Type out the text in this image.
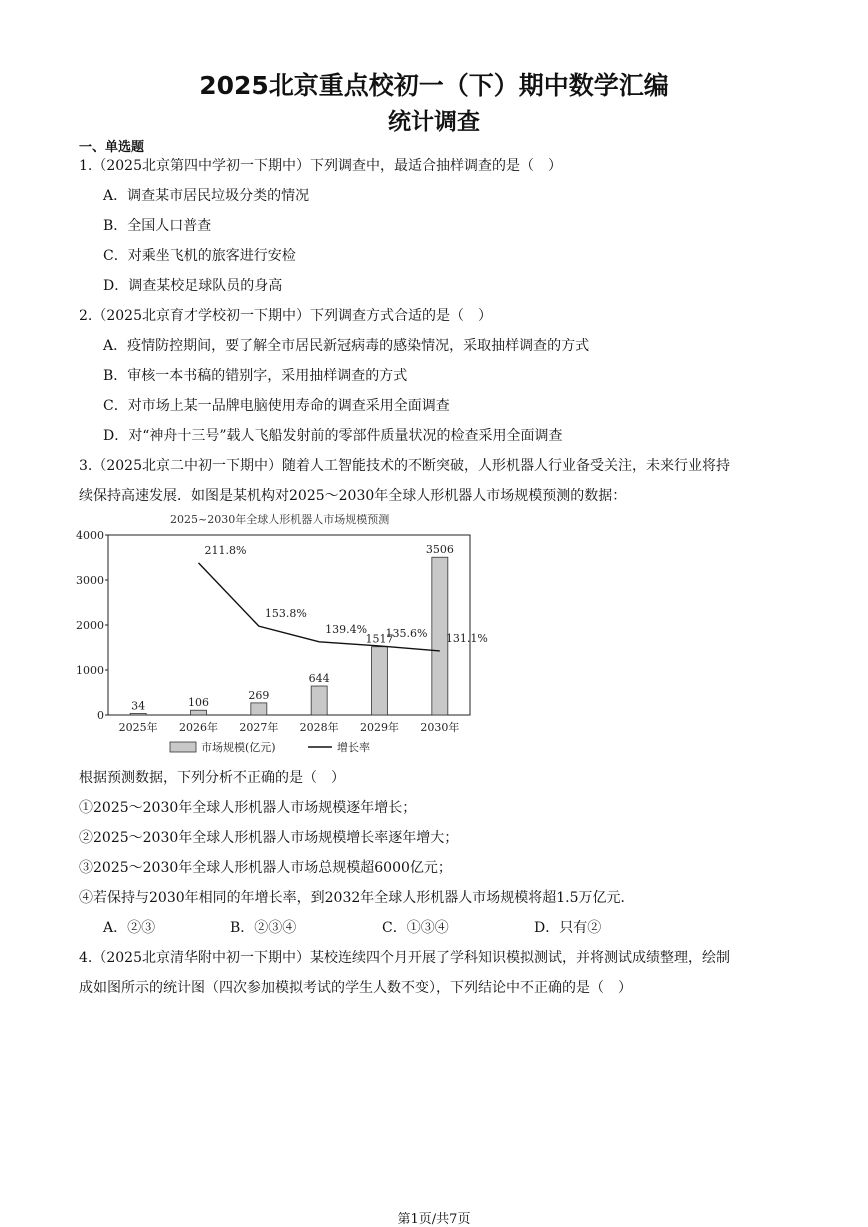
2025北京重点校初一（下）期中数学汇编
统计调查
一、单选题
1.（2025北京第四中学初一下期中）下列调查中，最适合抽样调查的是（　）
A．调查某市居民垃圾分类的情况
B．全国人口普查
C．对乘坐飞机的旅客进行安检
D．调查某校足球队员的身高
2.（2025北京育才学校初一下期中）下列调查方式合适的是（　）
A．疫情防控期间，要了解全市居民新冠病毒的感染情况，采取抽样调查的方式
B．审核一本书稿的错别字，采用抽样调查的方式
C．对市场上某一品牌电脑使用寿命的调查采用全面调查
D．对“神舟十三号”载人飞船发射前的零部件质量状况的检查采用全面调查
3.（2025北京二中初一下期中）随着人工智能技术的不断突破，人形机器人行业备受关注，未来行业将持
续保持高速发展．如图是某机构对2025～2030年全球人形机器人市场规模预测的数据：
2025~2030年全球人形机器人市场规模预测
0
1000
2000
3000
4000
34	106
269
644
1517
3506
2025年 2026年 2027年 2028年 2029年 2030年
211.8%
153.8%
139.4% 135.6% 131.1%
市场规模(亿元)	增长率
根据预测数据，下列分析不正确的是（　）
①2025～2030年全球人形机器人市场规模逐年增长；
②2025～2030年全球人形机器人市场规模增长率逐年增大；
③2025～2030年全球人形机器人市场总规模超6000亿元；
④若保持与2030年相同的年增长率，到2032年全球人形机器人市场规模将超1.5万亿元．
A．②③	B．②③④	C．①③④	D．只有②
4.（2025北京清华附中初一下期中）某校连续四个月开展了学科知识模拟测试，并将测试成绩整理，绘制
成如图所示的统计图（四次参加模拟考试的学生人数不变），下列结论中不正确的是（　）
第1页/共7页
